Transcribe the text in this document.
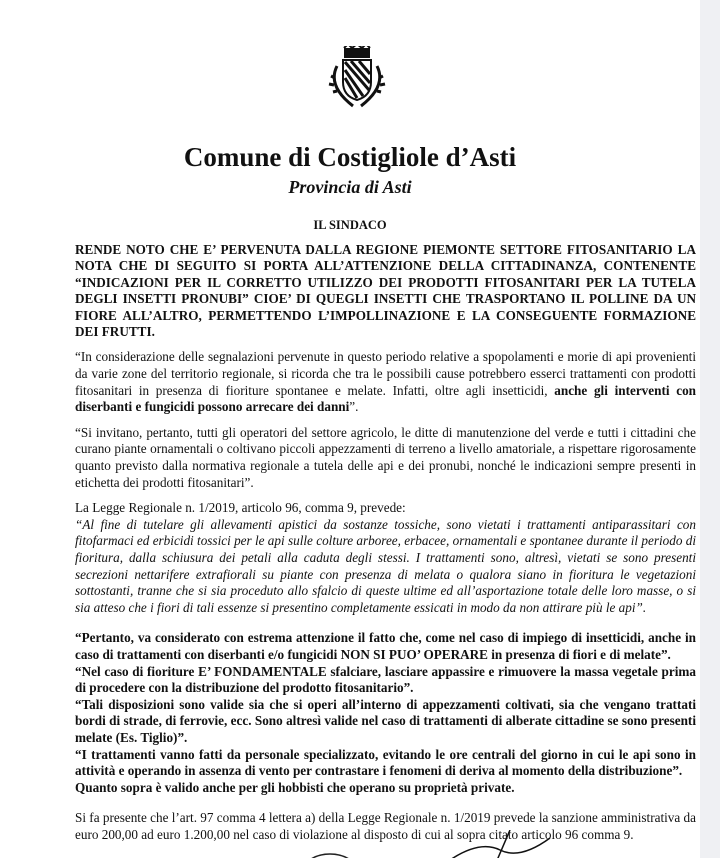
Comune di Costigliole d’Asti
Provincia di Asti
IL SINDACO

RENDE NOTO CHE E’ PERVENUTA DALLA REGIONE PIEMONTE SETTORE FITOSANITARIO LA NOTA CHE DI SEGUITO SI PORTA ALL’ATTENZIONE DELLA CITTADINANZA, CONTENENTE “INDICAZIONI PER IL CORRETTO UTILIZZO DEI PRODOTTI FITOSANITARI PER LA TUTELA DEGLI INSETTI PRONUBI” CIOE’ DI QUEGLI INSETTI CHE TRASPORTANO IL POLLINE DA UN FIORE ALL’ALTRO, PERMETTENDO L’IMPOLLINAZIONE E LA CONSEGUENTE FORMAZIONE DEI FRUTTI.

“In considerazione delle segnalazioni pervenute in questo periodo relative a spopolamenti e morie di api provenienti da varie zone del territorio regionale, si ricorda che tra le possibili cause potrebbero esserci trattamenti con prodotti fitosanitari in presenza di fioriture spontanee e melate. Infatti, oltre agli insetticidi, anche gli interventi con diserbanti e fungicidi possono arrecare dei danni”.

“Si invitano, pertanto, tutti gli operatori del settore agricolo, le ditte di manutenzione del verde e tutti i cittadini che curano piante ornamentali o coltivano piccoli appezzamenti di terreno a livello amatoriale, a rispettare rigorosamente quanto previsto dalla normativa regionale a tutela delle api e dei pronubi, nonché le indicazioni sempre presenti in etichetta dei prodotti fitosanitari”.

La Legge Regionale n. 1/2019, articolo 96, comma 9, prevede:

“Al fine di tutelare gli allevamenti apistici da sostanze tossiche, sono vietati i trattamenti antiparassitari con fitofarmaci ed erbicidi tossici per le api sulle colture arboree, erbacee, ornamentali e spontanee durante il periodo di fioritura, dalla schiusura dei petali alla caduta degli stessi. I trattamenti sono, altresì, vietati se sono presenti secrezioni nettarifere extrafiorali su piante con presenza di melata o qualora siano in fioritura le vegetazioni sottostanti, tranne che si sia proceduto allo sfalcio di queste ultime ed all’asportazione totale delle loro masse, o si sia atteso che i fiori di tali essenze si presentino completamente essicati in modo da non attirare più le api”.

“Pertanto, va considerato con estrema attenzione il fatto che, come nel caso di impiego di insetticidi, anche in caso di trattamenti con diserbanti e/o fungicidi NON SI PUO’ OPERARE in presenza di fiori e di melate”.

“Nel caso di fioriture E’ FONDAMENTALE sfalciare, lasciare appassire e rimuovere la massa vegetale prima di procedere con la distribuzione del prodotto fitosanitario”.

“Tali disposizioni sono valide sia che si operi all’interno di appezzamenti coltivati, sia che vengano trattati bordi di strade, di ferrovie, ecc. Sono altresì valide nel caso di trattamenti di alberate cittadine se sono presenti melate (Es. Tiglio)”.

“I trattamenti vanno fatti da personale specializzato, evitando le ore centrali del giorno in cui le api sono in attività e operando in assenza di vento per contrastare i fenomeni di deriva al momento della distribuzione”.

Quanto sopra è valido anche per gli hobbisti che operano su proprietà private.

Si fa presente che l’art. 97 comma 4 lettera a) della Legge Regionale n. 1/2019 prevede la sanzione amministrativa da euro 200,00 ad euro 1.200,00 nel caso di violazione al disposto di cui al sopra citato articolo 96 comma 9.
